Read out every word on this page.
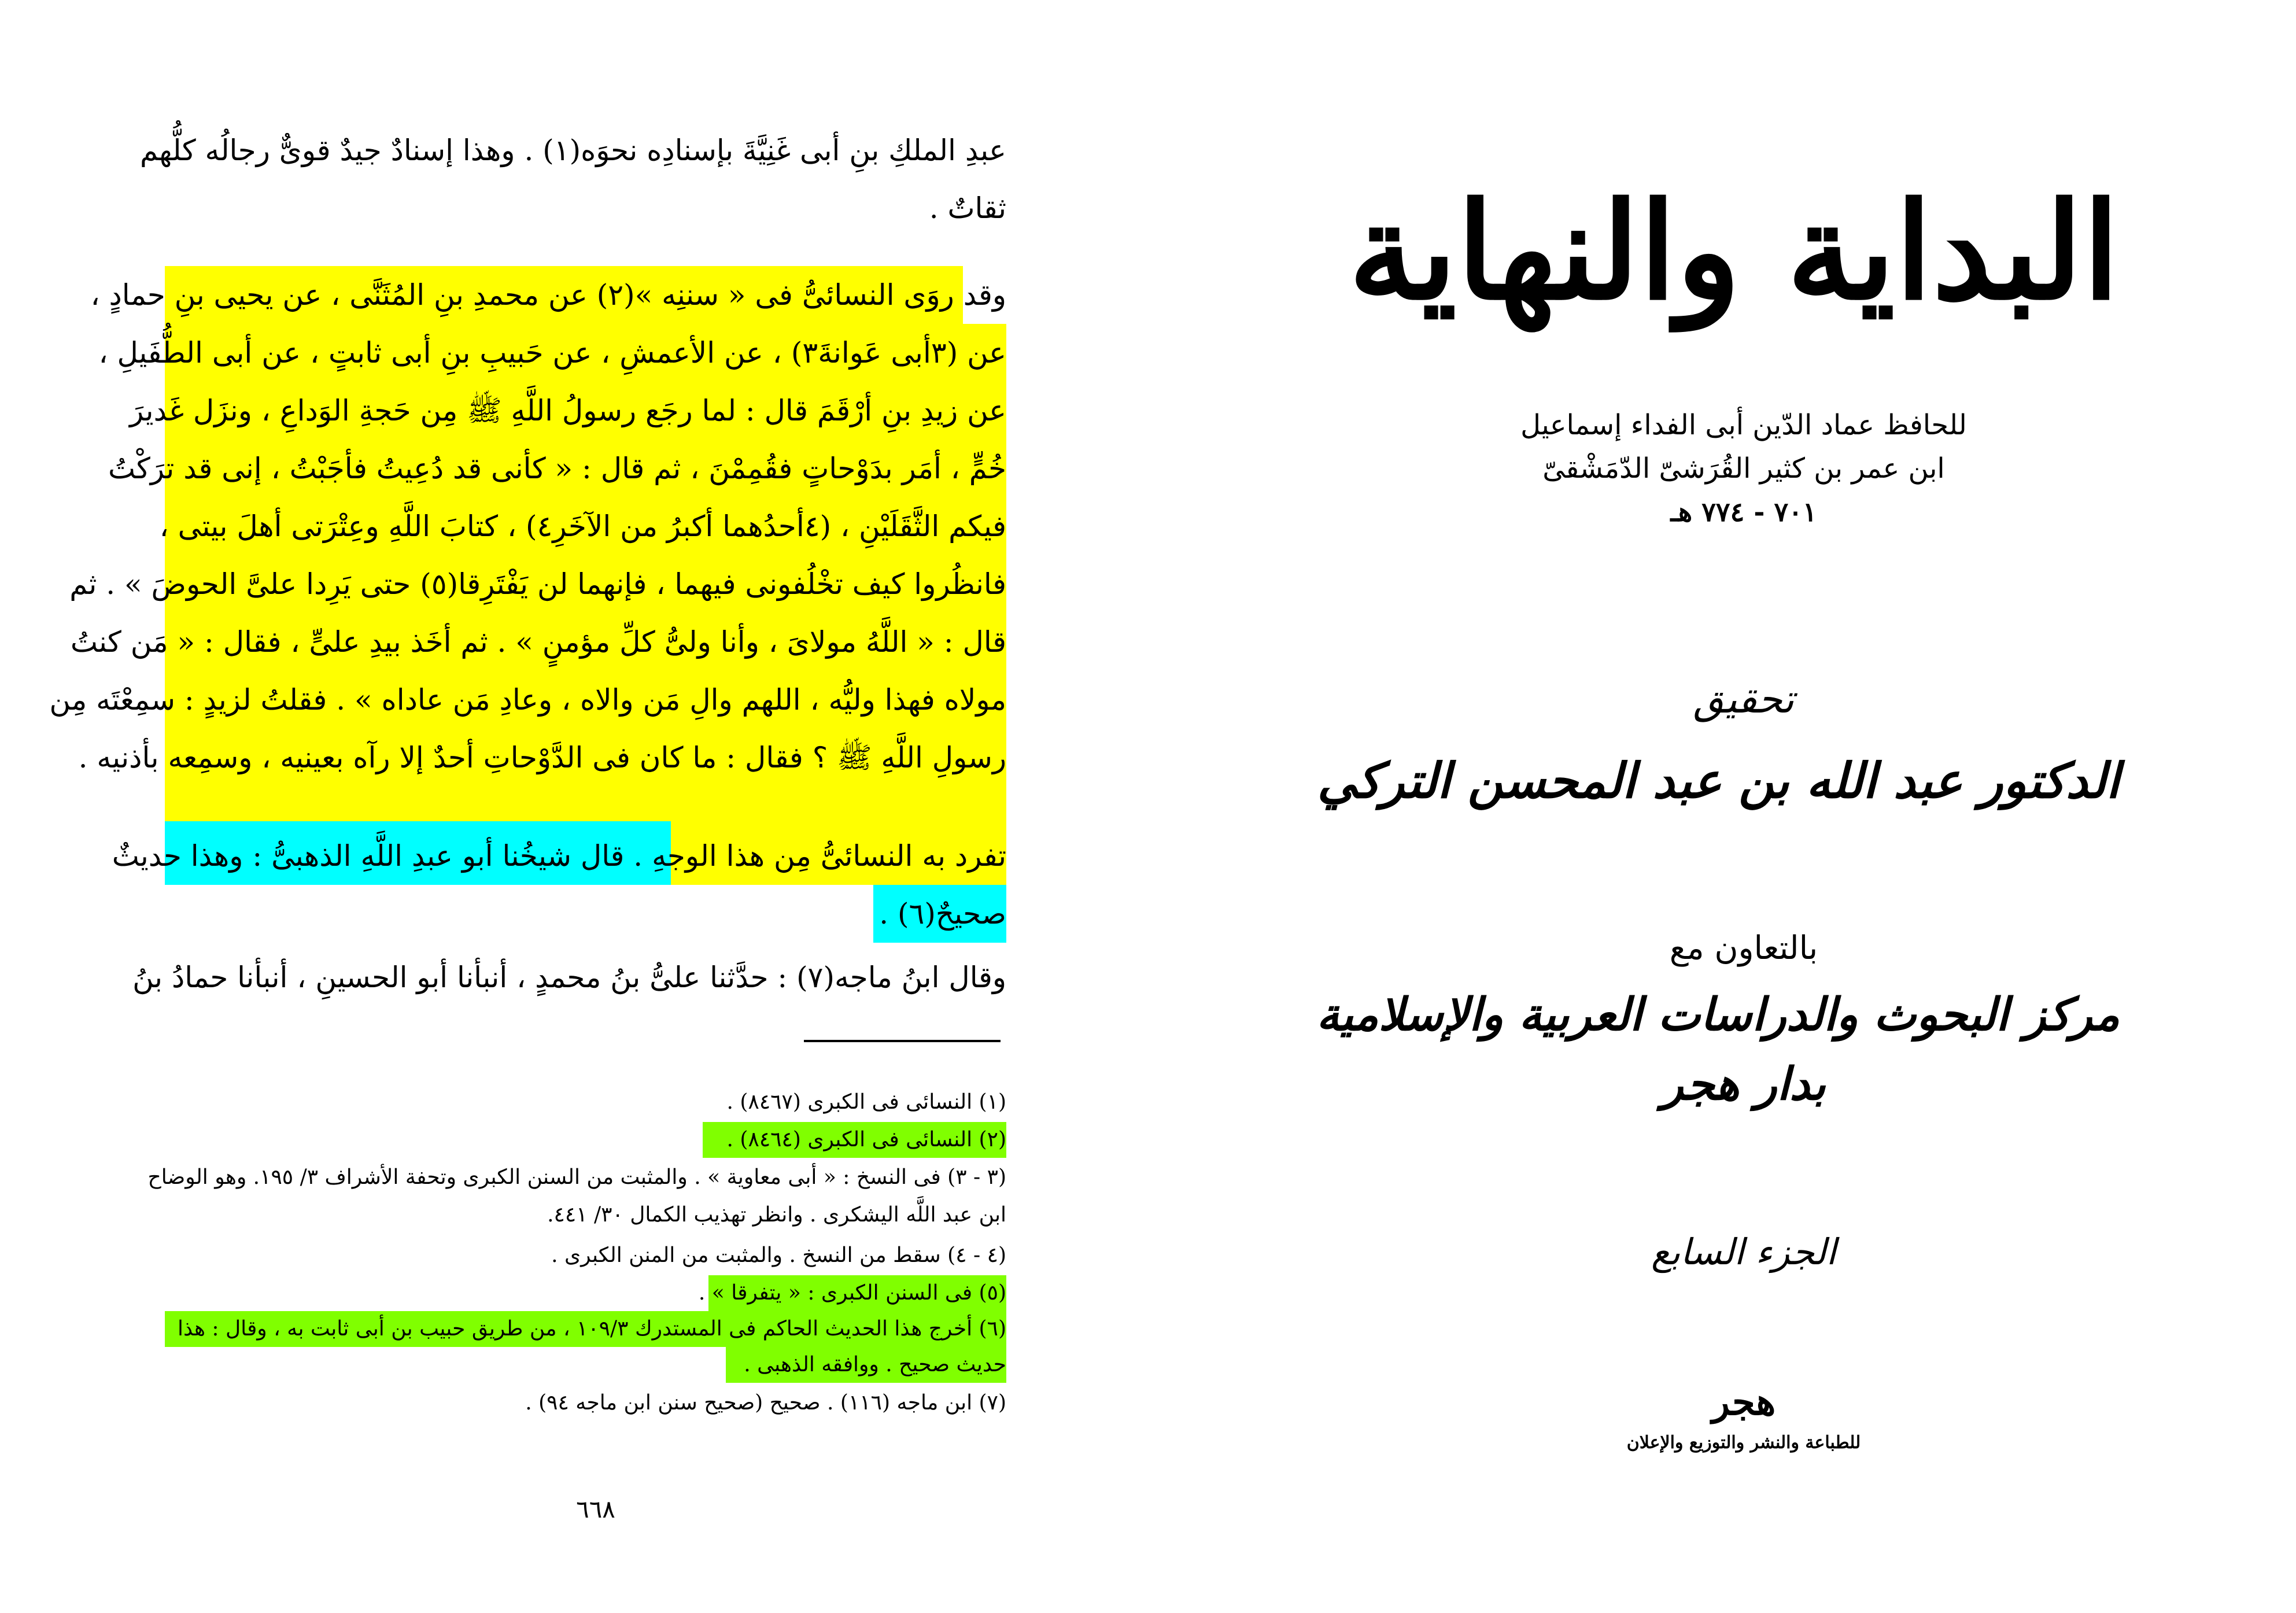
عبدِ الملكِ بنِ أبى غَنِيَّةَ بإسنادِه نحوَه(١) . وهذا إسنادٌ جيدٌ قوىٌّ رجالُه كلُّهم
ثقاتٌ .
وقد روَى النسائىُّ فى « سننِه »(٢) عن محمدِ بنِ المُثَنَّى ، عن يحيى بنِ حمادٍ ،
عن (٣أبى عَوانةَ٣) ، عن الأعمشِ ، عن حَبيبِ بنِ أبى ثابتٍ ، عن أبى الطُّفَيلِ ،
عن زيدِ بنِ أرْقَمَ قال : لما رجَع رسولُ اللَّهِ ﷺ مِن حَجةِ الوَداعِ ، ونزَل غَديرَ
خُمٍّ ، أمَر بدَوْحاتٍ فقُمِمْنَ ، ثم قال : « كأنى قد دُعِيتُ فأجَبْتُ ، إنى قد ترَكْتُ
فيكم الثَّقَلَيْنِ ، (٤أحدُهما أكبرُ من الآخَرِ٤) ، كتابَ اللَّهِ وعِتْرَتى أهلَ بيتى ،
فانظُروا كيف تخْلُفونى فيهما ، فإنهما لن يَفْتَرِقا(٥) حتى يَرِدا علىَّ الحوضَ » . ثم
قال : « اللَّهُ مولاىَ ، وأنا ولىُّ كلِّ مؤمنٍ » . ثم أخَذ بيدِ علىٍّ ، فقال : « مَن كنتُ
مولاه فهذا وليُّه ، اللهم والِ مَن والاه ، وعادِ مَن عاداه » . فقلتُ لزيدٍ : سمِعْتَه مِن
رسولِ اللَّهِ ﷺ ؟ فقال : ما كان فى الدَّوْحاتِ أحدٌ إلا رآه بعينيه ، وسمِعه بأذنيه .
تفرد به النسائىُّ مِن هذا الوجهِ . قال شيخُنا أبو عبدِ اللَّهِ الذهبىُّ : وهذا حديثٌ
صحيحٌ(٦) .
وقال ابنُ ماجه(٧) : حدَّثنا علىُّ بنُ محمدٍ ، أنبأنا أبو الحسينِ ، أنبأنا حمادُ بنُ
(١) النسائى فى الكبرى (٨٤٦٧) .
(٢) النسائى فى الكبرى (٨٤٦٤) .
(٣ - ٣) فى النسخ : « أبى معاوية » . والمثبت من السنن الكبرى وتحفة الأشراف ٣/ ١٩٥. وهو الوضاح
ابن عبد اللَّه اليشكرى . وانظر تهذيب الكمال ٣٠/ ٤٤١.
(٤ - ٤) سقط من النسخ . والمثبت من المنن الكبرى .
(٥) فى السنن الكبرى : « يتفرقا » .
(٦) أخرج هذا الحديث الحاكم فى المستدرك ١٠٩/٣ ، من طريق حبيب بن أبى ثابت به ، وقال : هذا
حديث صحيح . ووافقه الذهبى .
(٧) ابن ماجه (١١٦) . صحيح (صحيح سنن ابن ماجه ٩٤) .
٦٦٨
البداية والنهاية
للحافظ عماد الدّين أبى الفداء إسماعيل
ابن عمر بن كثير القُرَشىّ الدّمَشْقىّ
٧٠١ - ٧٧٤ هـ
تحقيق
الدكتور عبد الله بن عبد المحسن التركي
بالتعاون مع
مركز البحوث والدراسات العربية والإسلامية
بدار هجر
الجزء السابع
هجر
للطباعة والنشر والتوزيع والإعلان
